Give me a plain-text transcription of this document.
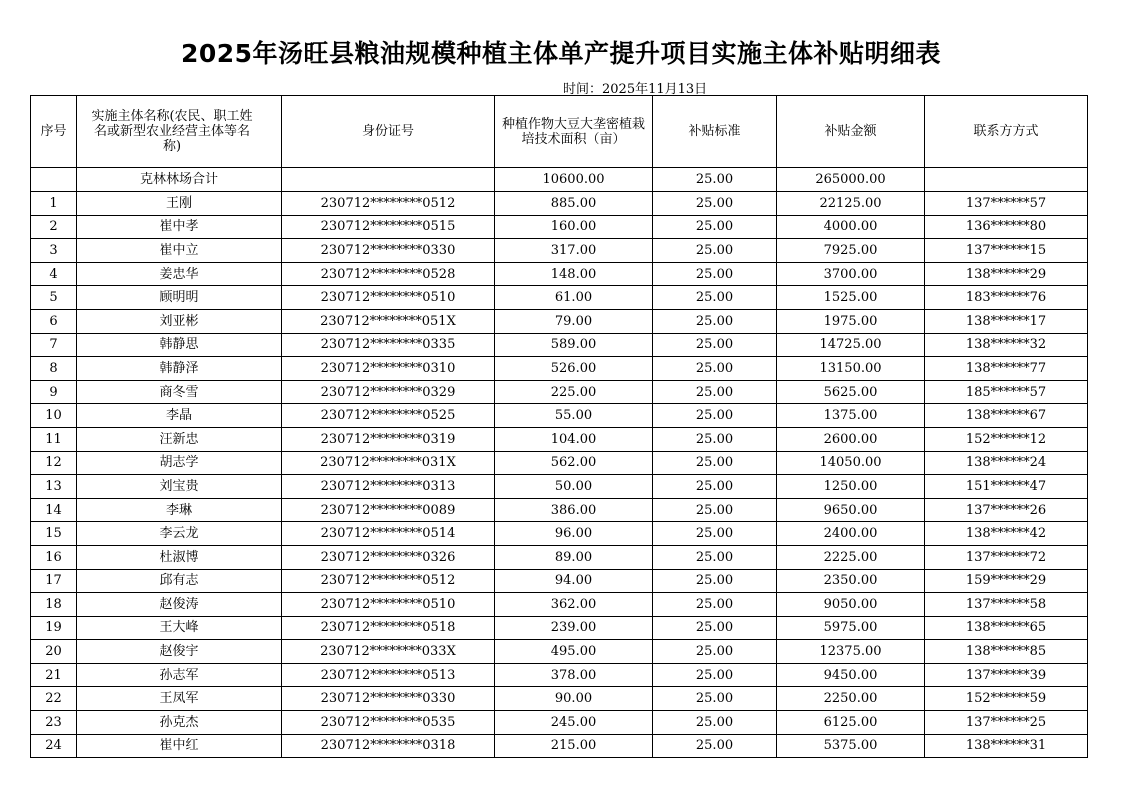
2025年汤旺县粮油规模种植主体单产提升项目实施主体补贴明细表
时间：2025年11月13日
序号	实施主体名称(农民、职工姓名或新型农业经营主体等名称)	身份证号	种植作物大豆大垄密植栽培技术面积（亩）	补贴标准	补贴金额	联系方方式
	克林林场合计		10600.00	25.00	265000.00	
1	王刚	230712********0512	885.00	25.00	22125.00	137******57
2	崔中孝	230712********0515	160.00	25.00	4000.00	136******80
3	崔中立	230712********0330	317.00	25.00	7925.00	137******15
4	姜忠华	230712********0528	148.00	25.00	3700.00	138******29
5	顾明明	230712********0510	61.00	25.00	1525.00	183******76
6	刘亚彬	230712********051X	79.00	25.00	1975.00	138******17
7	韩静思	230712********0335	589.00	25.00	14725.00	138******32
8	韩静泽	230712********0310	526.00	25.00	13150.00	138******77
9	商冬雪	230712********0329	225.00	25.00	5625.00	185******57
10	李晶	230712********0525	55.00	25.00	1375.00	138******67
11	汪新忠	230712********0319	104.00	25.00	2600.00	152******12
12	胡志学	230712********031X	562.00	25.00	14050.00	138******24
13	刘宝贵	230712********0313	50.00	25.00	1250.00	151******47
14	李琳	230712********0089	386.00	25.00	9650.00	137******26
15	李云龙	230712********0514	96.00	25.00	2400.00	138******42
16	杜淑博	230712********0326	89.00	25.00	2225.00	137******72
17	邱有志	230712********0512	94.00	25.00	2350.00	159******29
18	赵俊涛	230712********0510	362.00	25.00	9050.00	137******58
19	王大峰	230712********0518	239.00	25.00	5975.00	138******65
20	赵俊宇	230712********033X	495.00	25.00	12375.00	138******85
21	孙志军	230712********0513	378.00	25.00	9450.00	137******39
22	王凤军	230712********0330	90.00	25.00	2250.00	152******59
23	孙克杰	230712********0535	245.00	25.00	6125.00	137******25
24	崔中红	230712********0318	215.00	25.00	5375.00	138******31
